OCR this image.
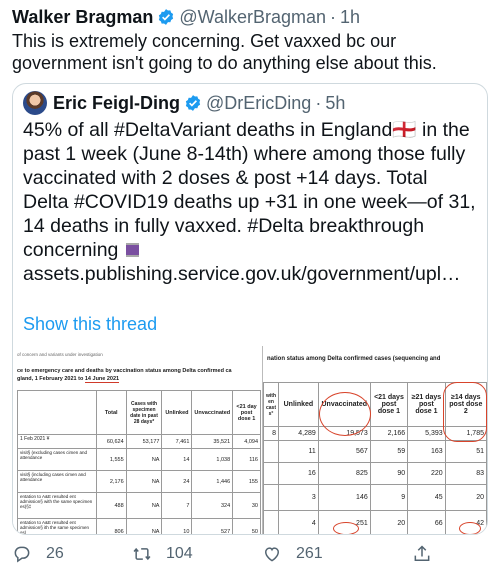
Walker Bragman @WalkerBragman · 1h
This is extremely concerning. Get vaxxed bc our government isn't going to do anything else about this.
Eric Feigl-Ding @DrEricDing · 5h
45% of all #DeltaVariant deaths in England🏴󠁧󠁢󠁥󠁮󠁧󠁿 in the past 1 week (June 8-14th) where among those fully vaccinated with 2 doses & post +14 days. Total Delta #COVID19 deaths up +31 in one week—of 31, 14 deaths in fully vaxxed. #Delta breakthrough concerning
assets.publishing.service.gov.uk/government/upl…
Show this thread
of concern and variants under investigation
ce to emergency care and deaths by vaccination status among Delta confirmed ca
gland, 1 February 2021 to 14 June 2021
	Total	Cases with specimen date in past 28 days*	Unlinked	Unvaccinated	<21 day post dose 1
1 Feb 2021 ¥	60,624	53,177	7,461	35,521	4,094
visit§ (excluding cases cimen and attendance	1,555	NA	14	1,038	116
visit§ (including cases cimen and attendance	2,176	NA	24	1,446	155
entation to A&E resulted ent admission§ with the same specimen es)§‡	488	NA	7	324	30
entation to A&E resulted ent admission§ ith the same specimen es)	806	NA	10	527	50

nation status among Delta confirmed cases (sequencing and
with en cast s°	Unlinked	Unvaccinated	<21 days post dose 1	≥21 days post dose 1	≥14 days post dose 2
8	4,289	19,573	2,166	5,393	1,785
	11	567	59	163	51
	16	825	90	220	83
	3	146	9	45	20
	4	251	20	66	42

26	104	261
